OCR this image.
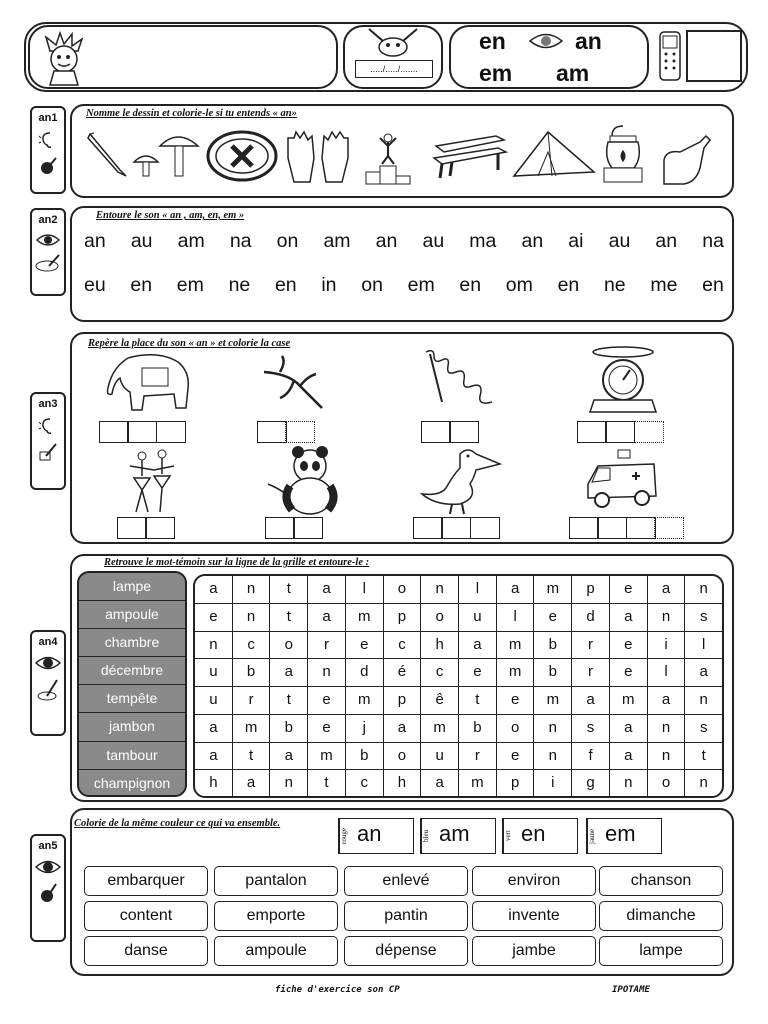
...../...../.......
en	an
em am
an1	Nomme le dessin et colorie-le si tu entends « an»
an2	Entoure le son « an , am, en, em »
an au am na on am an au ma an ai au an na
eu en em ne en in on em en om en ne me en
an3
Repère la place du son « an » et colorie la case
an4
Retrouve le mot-témoin sur la ligne de la grille et entoure-le :
lampe
ampoule
chambre
décembre
tempête
jambon
tambour
champignon
a	n	t	a	l	o	n	l	a	m	p	e	a	n
e	n	t	a	m	p	o	u	l	e	d	a	n	s
n	c	o	r	e	c	h	a	m	b	r	e	i	l
u	b	a	n	d	é	c	e	m	b	r	e	l	a
u	r	t	e	m	p	ê	t	e	m	a	m	a	n
a	m	b	e	j	a	m	b	o	n	s	a	n	s
a	t	a	m	b	o	u	r	e	n	f	a	n	t
h	a	n	t	c	h	a	m	p	i	g	n	o	n
an5
Colorie de la même couleur ce qui va ensemble.
rouge an	bleu am	vert en	jaune em
embarquer	pantalon	enlevé	environ	chanson
content	emporte	pantin	invente	dimanche
danse	ampoule	dépense	jambe	lampe
fiche d'exercice son CP	IPOTAME
